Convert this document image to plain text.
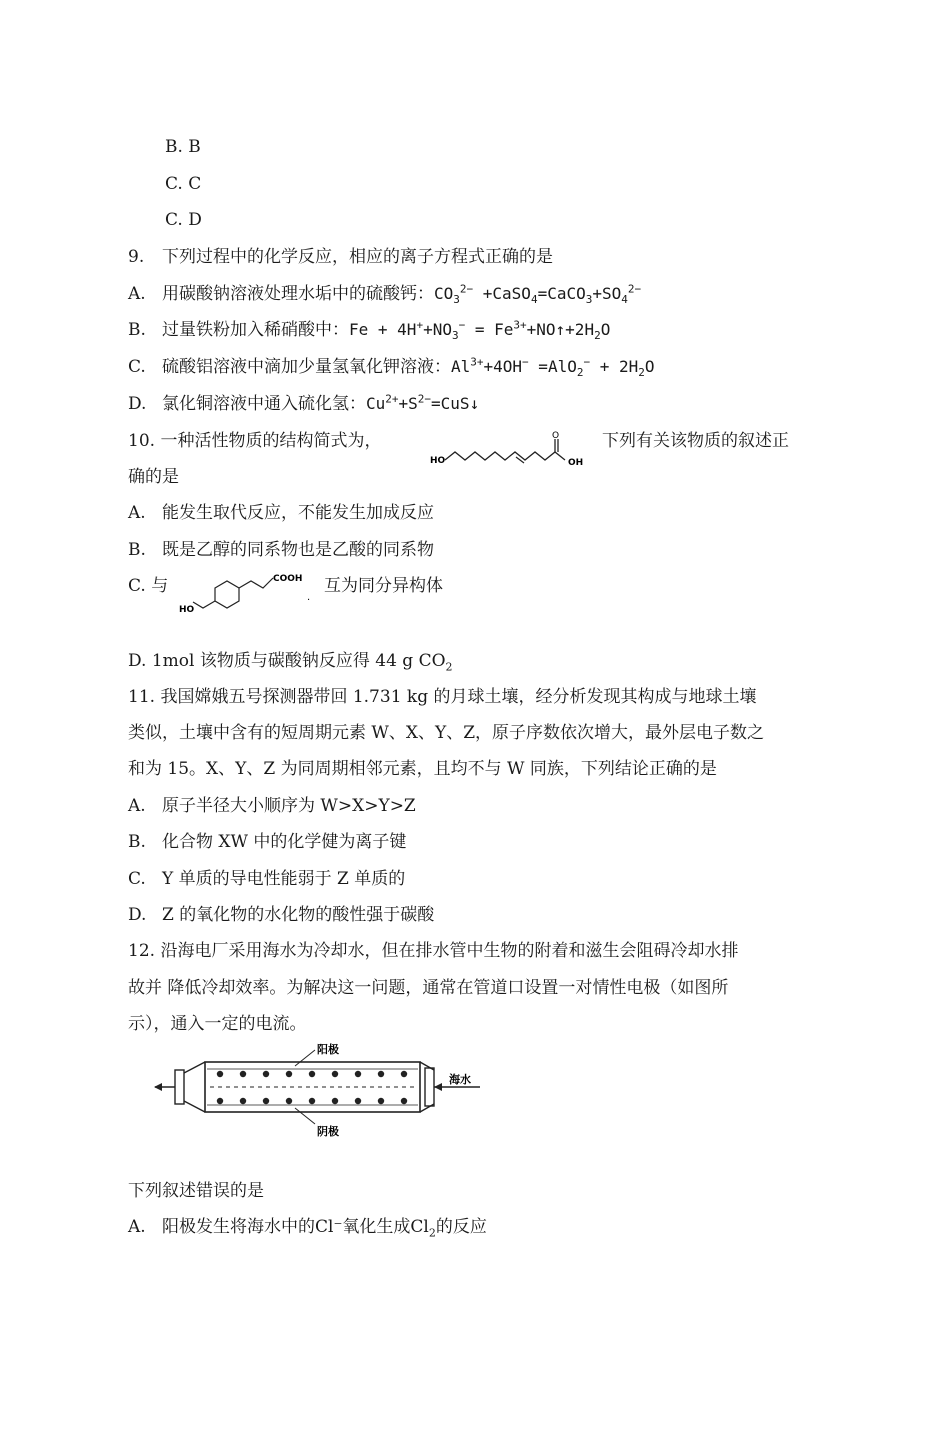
B. B
C. C
C. D
9. 下列过程中的化学反应，相应的离子方程式正确的是
A. 用碳酸钠溶液处理水垢中的硫酸钙：$CO_3^{2-}$ $+CaSO_4=CaCO_3+SO_4^{2-}$
B. 过量铁粉加入稀硝酸中：$Fe + 4H^++NO_3^-$ = $Fe^{3+}+NO↑+2H_2O$
C. 硫酸铝溶液中滴加少量氢氧化钾溶液：$Al^{3+}+4OH^- =AlO_2^- + 2H_2O$
D. 氯化铜溶液中通入硫化氢：$Cu^{2+}+S^{2-}=CuS↓$
10. 一种活性物质的结构简式为，
HO
O
OH
下列有关该物质的叙述正
确的是
A. 能发生取代反应，不能发生加成反应
B. 既是乙醇的同系物也是乙酸的同系物
C. 与	COOH
HO
.
互为同分异构体
D. 1mol 该物质与碳酸钠反应得 44 g $CO_2$
11. 我国嫦娥五号探测器带回 1.731 kg 的月球土壤，经分析发现其构成与地球土壤
类似，土壤中含有的短周期元素 W、X、Y、Z，原子序数依次增大，最外层电子数之
和为 15。X、Y、Z 为同周期相邻元素，且均不与 W 同族，下列结论正确的是
A. 原子半径大小顺序为 W>X>Y>Z
B. 化合物 XW 中的化学健为离子键
C. Y 单质的导电性能弱于 Z 单质的
D. Z 的氧化物的水化物的酸性强于碳酸
12. 沿海电厂采用海水为冷却水，但在排水管中生物的附着和滋生会阻碍冷却水排
故并 降低冷却效率。为解决这一问题，通常在管道口设置一对情性电极（如图所
示），通入一定的电流。
阳极
阴极
海水
下列叙述错误的是
A. 阳极发生将海水中的Cl⁻氧化生成$Cl_2$的反应
